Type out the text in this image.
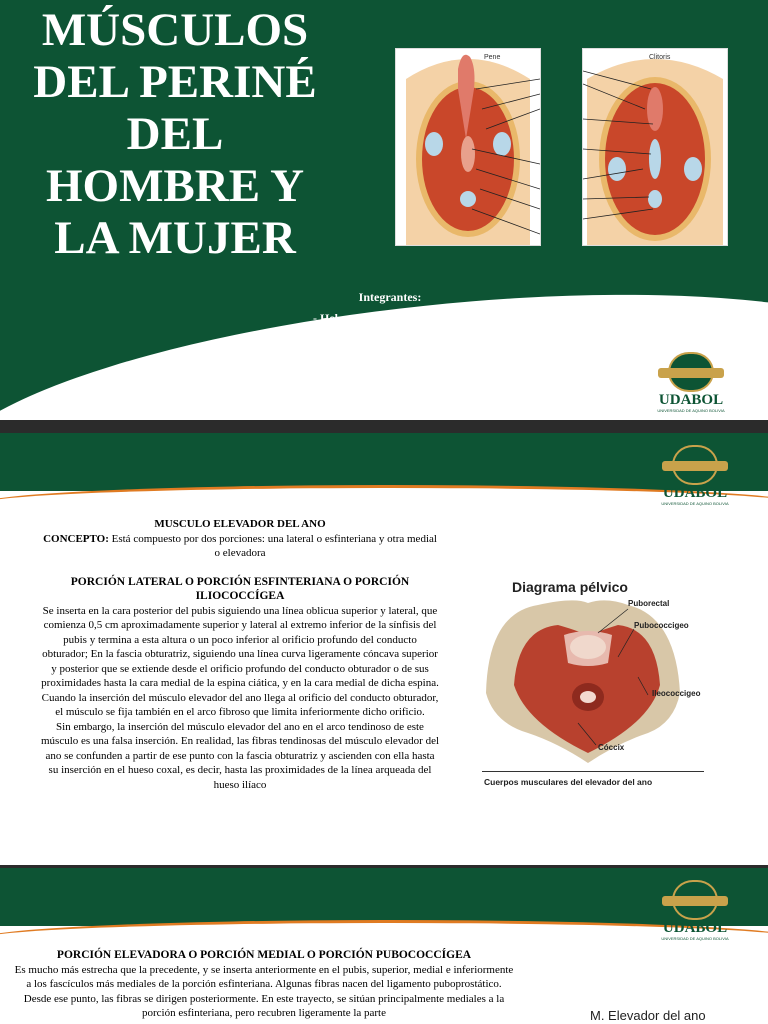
MÚSCULOS
DEL PERINÉ
DEL
HOMBRE Y
LA MUJER
Pene	Clitoris
Integrantes:
- Helen Ramírez Maida
- Jhonny Iñiguez Illescas
- Alexia Camila Arce
UDABOL
UNIVERSIDAD DE AQUINO BOLIVIA
UDABOL
UNIVERSIDAD DE AQUINO BOLIVIA

MUSCULO ELEVADOR DEL ANO

CONCEPTO: Está compuesto por dos porciones: una lateral o esfinteriana y otra medial o elevadora

PORCIÓN LATERAL O PORCIÓN ESFINTERIANA O PORCIÓN ILIOCOCCÍGEA

Se inserta en la cara posterior del pubis siguiendo una línea oblicua superior y lateral, que comienza 0,5 cm aproximadamente superior y lateral al extremo inferior de la sínfisis del pubis y termina a esta altura o un poco inferior al orificio profundo del conducto obturador; En la fascia obturatriz, siguiendo una línea curva ligeramente cóncava superior y posterior que se extiende desde el orificio profundo del conducto obturador o de sus proximidades hasta la cara medial de la espina ciática, y en la cara medial de dicha espina. Cuando la inserción del músculo elevador del ano llega al orificio del conducto obturador, el músculo se fija también en el arco fibroso que limita inferiormente dicho orificio.

Sin embargo, la inserción del músculo elevador del ano en el arco tendinoso de este músculo es una falsa inserción. En realidad, las fibras tendinosas del músculo elevador del ano se confunden a partir de ese punto con la fascia obturatriz y ascienden con ella hasta su inserción en el hueso coxal, es decir, hasta las proximidades de la línea arqueada del hueso ilíaco

Diagrama pélvico
Puborectal
Pubococcigeo
Ileococcigeo
Cóccix
Cuerpos musculares del elevador del ano
UDABOL
UNIVERSIDAD DE AQUINO BOLIVIA

PORCIÓN ELEVADORA O PORCIÓN MEDIAL O PORCIÓN PUBOCOCCÍGEA

Es mucho más estrecha que la precedente, y se inserta anteriormente en el pubis, superior, medial e inferiormente a los fascículos más mediales de la porción esfinteriana. Algunas fibras nacen del ligamento puboprostático. Desde ese punto, las fibras se dirigen posteriormente. En este trayecto, se sitúan principalmente mediales a la porción esfinteriana, pero recubren ligeramente la parte	M. Elevador del ano
